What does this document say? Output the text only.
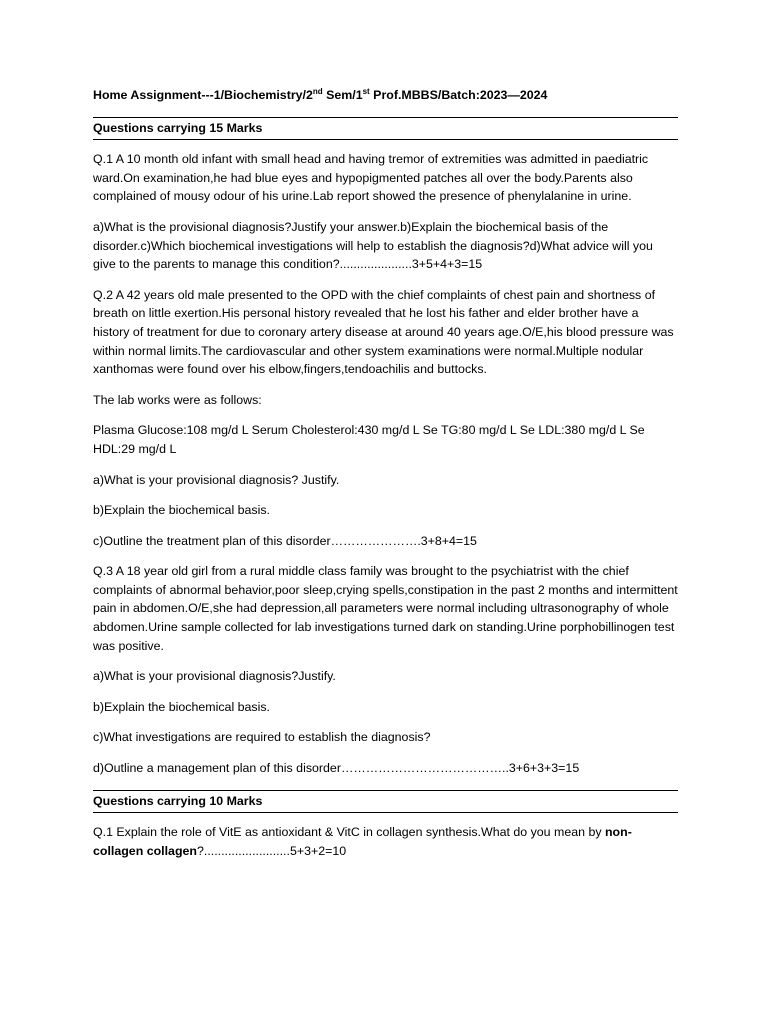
Home Assignment---1/Biochemistry/2nd Sem/1st Prof.MBBS/Batch:2023—2024
Questions carrying 15 Marks

Q.1 A 10 month old infant with small head and having tremor of extremities was admitted in paediatric ward.On examination,he had blue eyes and hypopigmented patches all over the body.Parents also complained of mousy odour of his urine.Lab report showed the presence of phenylalanine in urine.

a)What is the provisional diagnosis?Justify your answer.b)Explain the biochemical basis of the disorder.c)Which biochemical investigations will help to establish the diagnosis?d)What advice will you give to the parents to manage this condition?.....................3+5+4+3=15

Q.2 A 42 years old male presented to the OPD with the chief complaints of chest pain and shortness of breath on little exertion.His personal history revealed that he lost his father and elder brother have a history of treatment for due to coronary artery disease at around 40 years age.O/E,his blood pressure was within normal limits.The cardiovascular and other system examinations were normal.Multiple nodular xanthomas were found over his elbow,fingers,tendoachilis and buttocks.

The lab works were as follows:

Plasma Glucose:108 mg/d L Serum Cholesterol:430 mg/d L Se TG:80 mg/d L Se LDL:380 mg/d L Se HDL:29 mg/d L

a)What is your provisional diagnosis? Justify.

b)Explain the biochemical basis.

c)Outline the treatment plan of this disorder………………….3+8+4=15

Q.3 A 18 year old girl from a rural middle class family was brought to the psychiatrist with the chief complaints of abnormal behavior,poor sleep,crying spells,constipation in the past 2 months and intermittent pain in abdomen.O/E,she had depression,all parameters were normal including ultrasonography of whole abdomen.Urine sample collected for lab investigations turned dark on standing.Urine porphobillinogen test was positive.

a)What is your provisional diagnosis?Justify.

b)Explain the biochemical basis.

c)What investigations are required to establish the diagnosis?

d)Outline a management plan of this disorder…………………………………..3+6+3+3=15

Questions carrying 10 Marks

Q.1 Explain the role of VitE as antioxidant & VitC in collagen synthesis.What do you mean by non-collagen collagen?.........................5+3+2=10
